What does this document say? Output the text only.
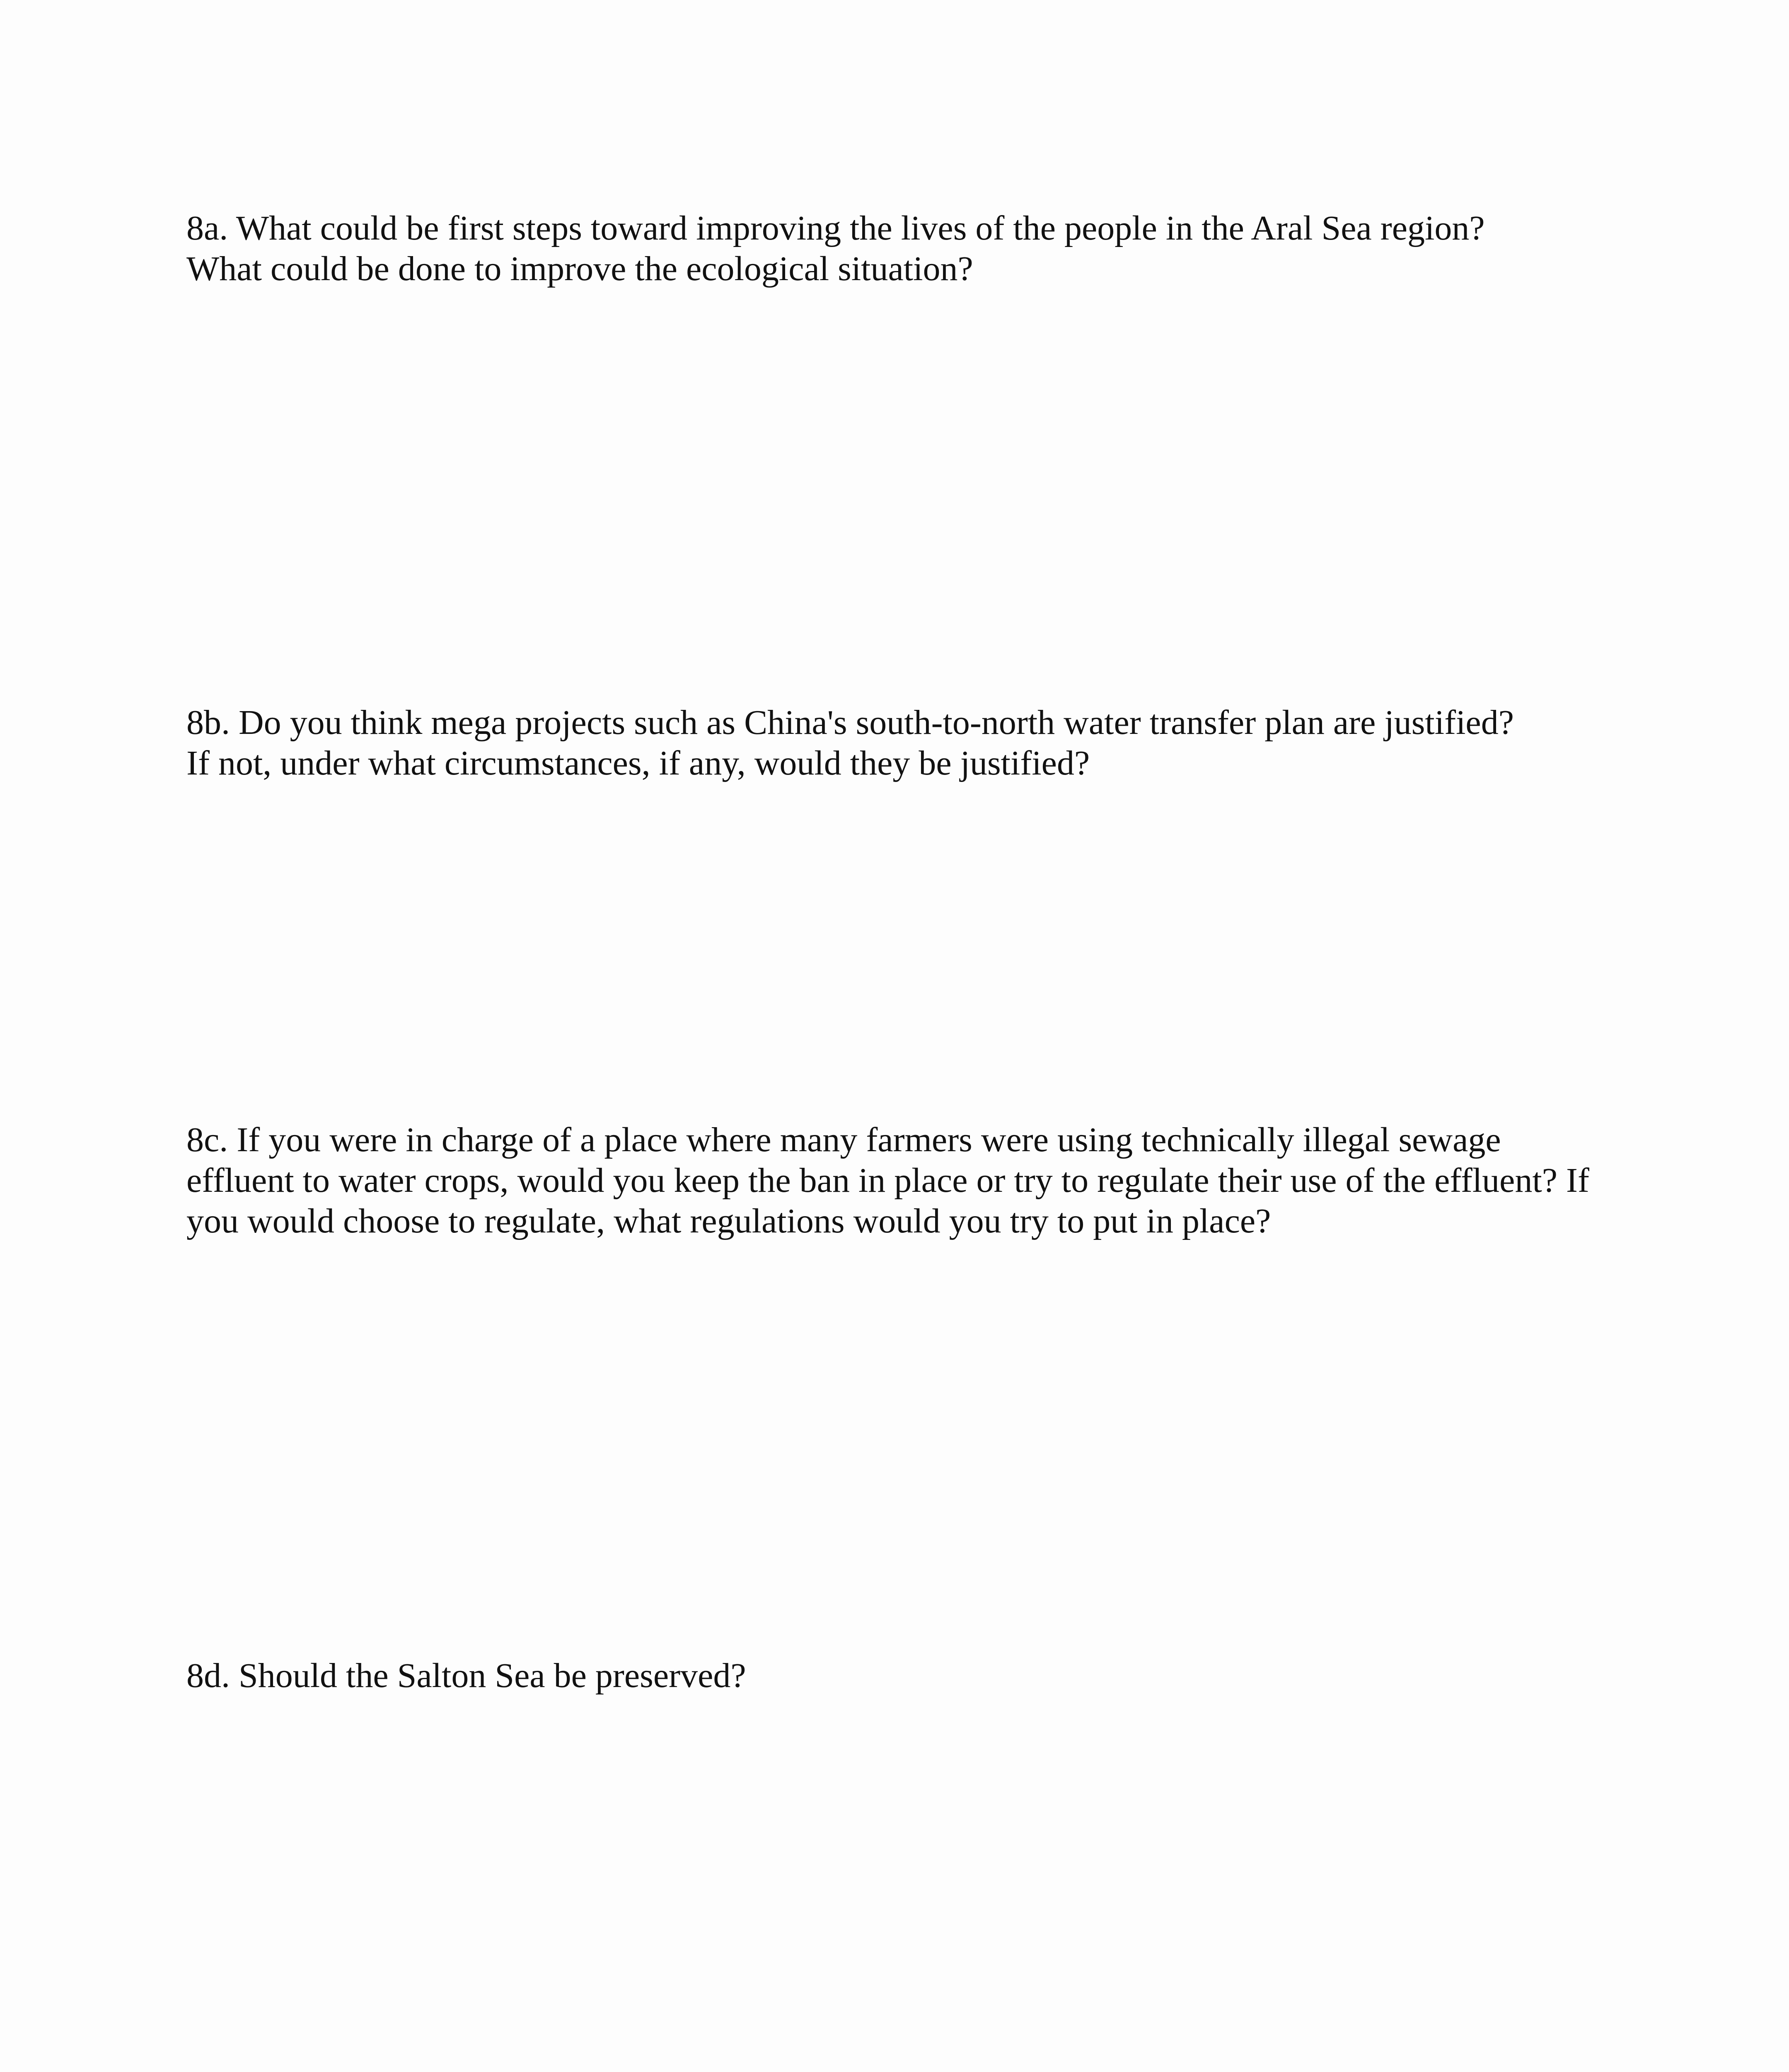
8a. What could be first steps toward improving the lives of the people in the Aral Sea region?
What could be done to improve the ecological situation?

8b. Do you think mega projects such as China's south-to-north water transfer plan are justified?
If not, under what circumstances, if any, would they be justified?

8c. If you were in charge of a place where many farmers were using technically illegal sewage
effluent to water crops, would you keep the ban in place or try to regulate their use of the effluent? If
you would choose to regulate, what regulations would you try to put in place?

8d. Should the Salton Sea be preserved?
